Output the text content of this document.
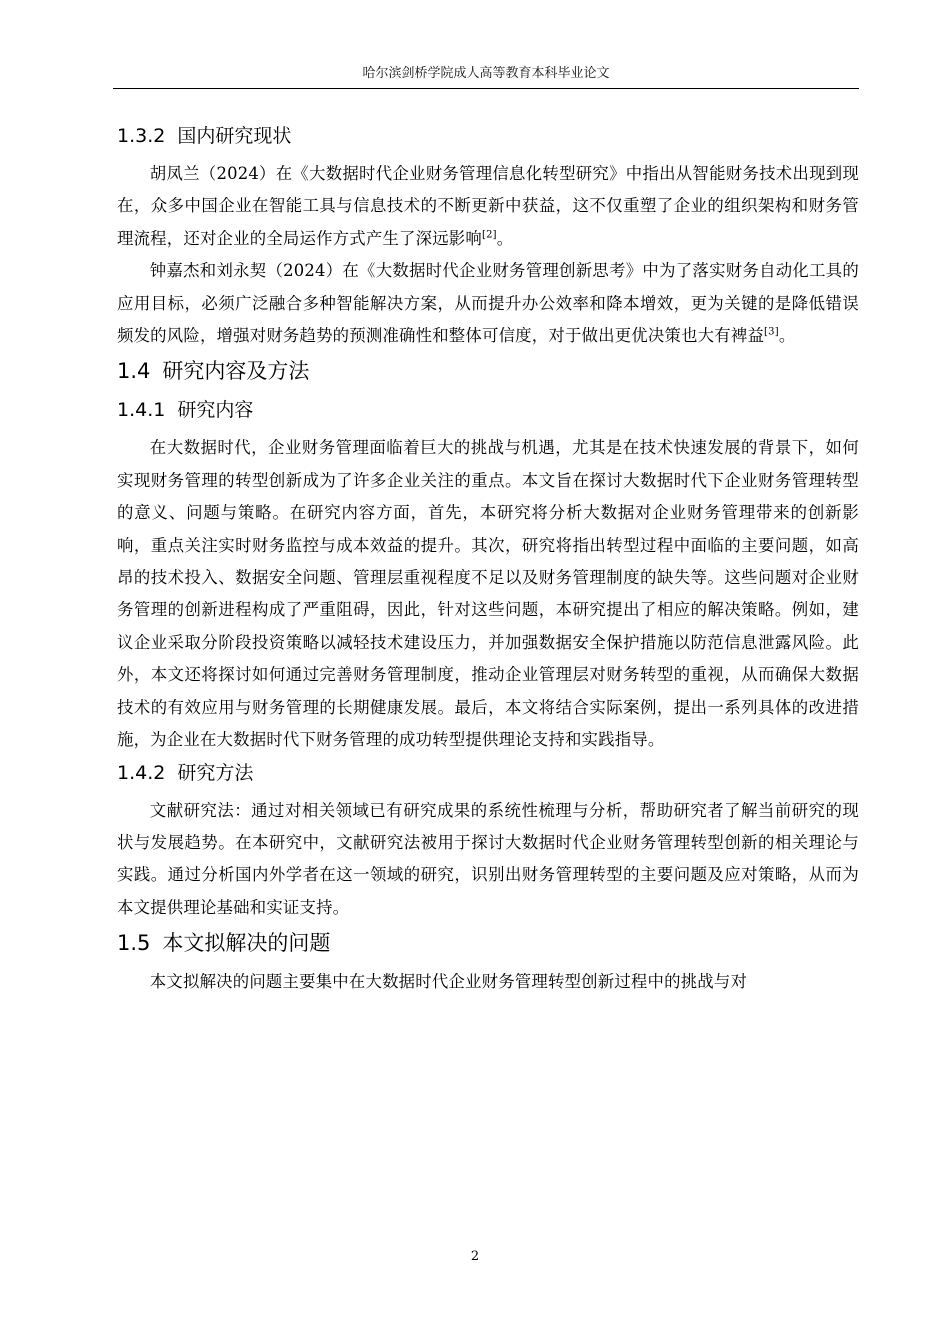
哈尔滨剑桥学院成人高等教育本科毕业论文
1.3.2 国内研究现状

胡凤兰（2024）在《大数据时代企业财务管理信息化转型研究》中指出从智能财务技术出现到现在，众多中国企业在智能工具与信息技术的不断更新中获益，这不仅重塑了企业的组织架构和财务管理流程，还对企业的全局运作方式产生了深远影响[2]。

钟嘉杰和刘永契（2024）在《大数据时代企业财务管理创新思考》中为了落实财务自动化工具的应用目标，必须广泛融合多种智能解决方案，从而提升办公效率和降本增效，更为关键的是降低错误频发的风险，增强对财务趋势的预测准确性和整体可信度，对于做出更优决策也大有裨益[3]。

1.4 研究内容及方法
1.4.1 研究内容

在大数据时代，企业财务管理面临着巨大的挑战与机遇，尤其是在技术快速发展的背景下，如何实现财务管理的转型创新成为了许多企业关注的重点。本文旨在探讨大数据时代下企业财务管理转型的意义、问题与策略。在研究内容方面，首先，本研究将分析大数据对企业财务管理带来的创新影响，重点关注实时财务监控与成本效益的提升。其次，研究将指出转型过程中面临的主要问题，如高昂的技术投入、数据安全问题、管理层重视程度不足以及财务管理制度的缺失等。这些问题对企业财务管理的创新进程构成了严重阻碍，因此，针对这些问题，本研究提出了相应的解决策略。例如，建议企业采取分阶段投资策略以减轻技术建设压力，并加强数据安全保护措施以防范信息泄露风险。此外，本文还将探讨如何通过完善财务管理制度，推动企业管理层对财务转型的重视，从而确保大数据技术的有效应用与财务管理的长期健康发展。最后，本文将结合实际案例，提出一系列具体的改进措施，为企业在大数据时代下财务管理的成功转型提供理论支持和实践指导。

1.4.2 研究方法

文献研究法：通过对相关领域已有研究成果的系统性梳理与分析，帮助研究者了解当前研究的现状与发展趋势。在本研究中，文献研究法被用于探讨大数据时代企业财务管理转型创新的相关理论与实践。通过分析国内外学者在这一领域的研究，识别出财务管理转型的主要问题及应对策略，从而为本文提供理论基础和实证支持。

1.5 本文拟解决的问题

本文拟解决的问题主要集中在大数据时代企业财务管理转型创新过程中的挑战与对

2
